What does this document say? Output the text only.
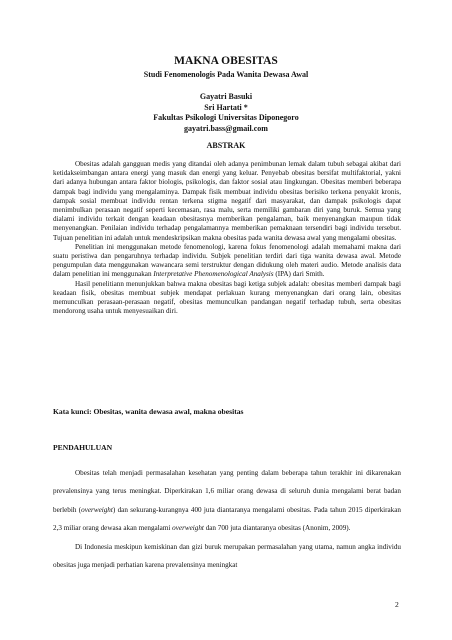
MAKNA OBESITAS
Studi Fenomenologis Pada Wanita Dewasa Awal
Gayatri Basuki
Sri Hartati *
Fakultas Psikologi Universitas Diponegoro
gayatri.bass@gmail.com
ABSTRAK

Obesitas adalah gangguan medis yang ditandai oleh adanya penimbunan lemak dalam tubuh sebagai akibat dari ketidakseimbangan antara energi yang masuk dan energi yang keluar. Penyebab obesitas bersifat multifaktorial, yakni dari adanya hubungan antara faktor biologis, psikologis, dan faktor sosial atau lingkungan. Obesitas memberi beberapa dampak bagi individu yang mengalaminya. Dampak fisik membuat individu obesitas berisiko terkena penyakit kronis, dampak sosial membuat individu rentan terkena stigma negatif dari masyarakat, dan dampak psikologis dapat menimbulkan perasaan negatif seperti kecemasan, rasa malu, serta memiliki gambaran diri yang buruk. Semua yang dialami individu terkait dengan keadaan obesitasnya memberikan pengalaman, baik menyenangkan maupun tidak menyenangkan. Penilaian individu terhadap pengalamannya memberikan pemaknaan tersendiri bagi individu tersebut. Tujuan penelitian ini adalah untuk mendeskripsikan makna obesitas pada wanita dewasa awal yang mengalami obesitas.

Penelitian ini menggunakan metode fenomenologi, karena fokus fenomenologi adalah memahami makna dari suatu peristiwa dan pengaruhnya terhadap individu. Subjek penelitian terdiri dari tiga wanita dewasa awal. Metode pengumpulan data menggunakan wawancara semi terstruktur dengan didukung oleh materi audio. Metode analisis data dalam penelitian ini menggunakan Interpretative Phenomenological Analysis (IPA) dari Smith.

Hasil penelitiann menunjukkan bahwa makna obesitas bagi ketiga subjek adalah: obesitas memberi dampak bagi keadaan fisik, obesitas membuat subjek mendapat perlakuan kurang menyenangkan dari orang lain, obesitas memunculkan perasaan-perasaan negatif, obesitas memunculkan pandangan negatif terhadap tubuh, serta obesitas mendorong usaha untuk menyesuaikan diri.

Kata kunci: Obesitas, wanita dewasa awal, makna obesitas
PENDAHULUAN

Obesitas telah menjadi permasalahan kesehatan yang penting dalam beberapa tahun terakhir ini dikarenakan prevalensinya yang terus meningkat. Diperkirakan 1,6 miliar orang dewasa di seluruh dunia mengalami berat badan berlebih (overweight) dan sekurang-kurangnya 400 juta diantaranya mengalami obesitas. Pada tahun 2015 diperkirakan 2,3 miliar orang dewasa akan mengalami overweight dan 700 juta diantaranya obesitas (Anonim, 2009).

Di Indonesia meskipun kemiskinan dan gizi buruk merupakan permasalahan yang utama, namun angka individu obesitas juga menjadi perhatian karena prevalensinya meningkat

2
